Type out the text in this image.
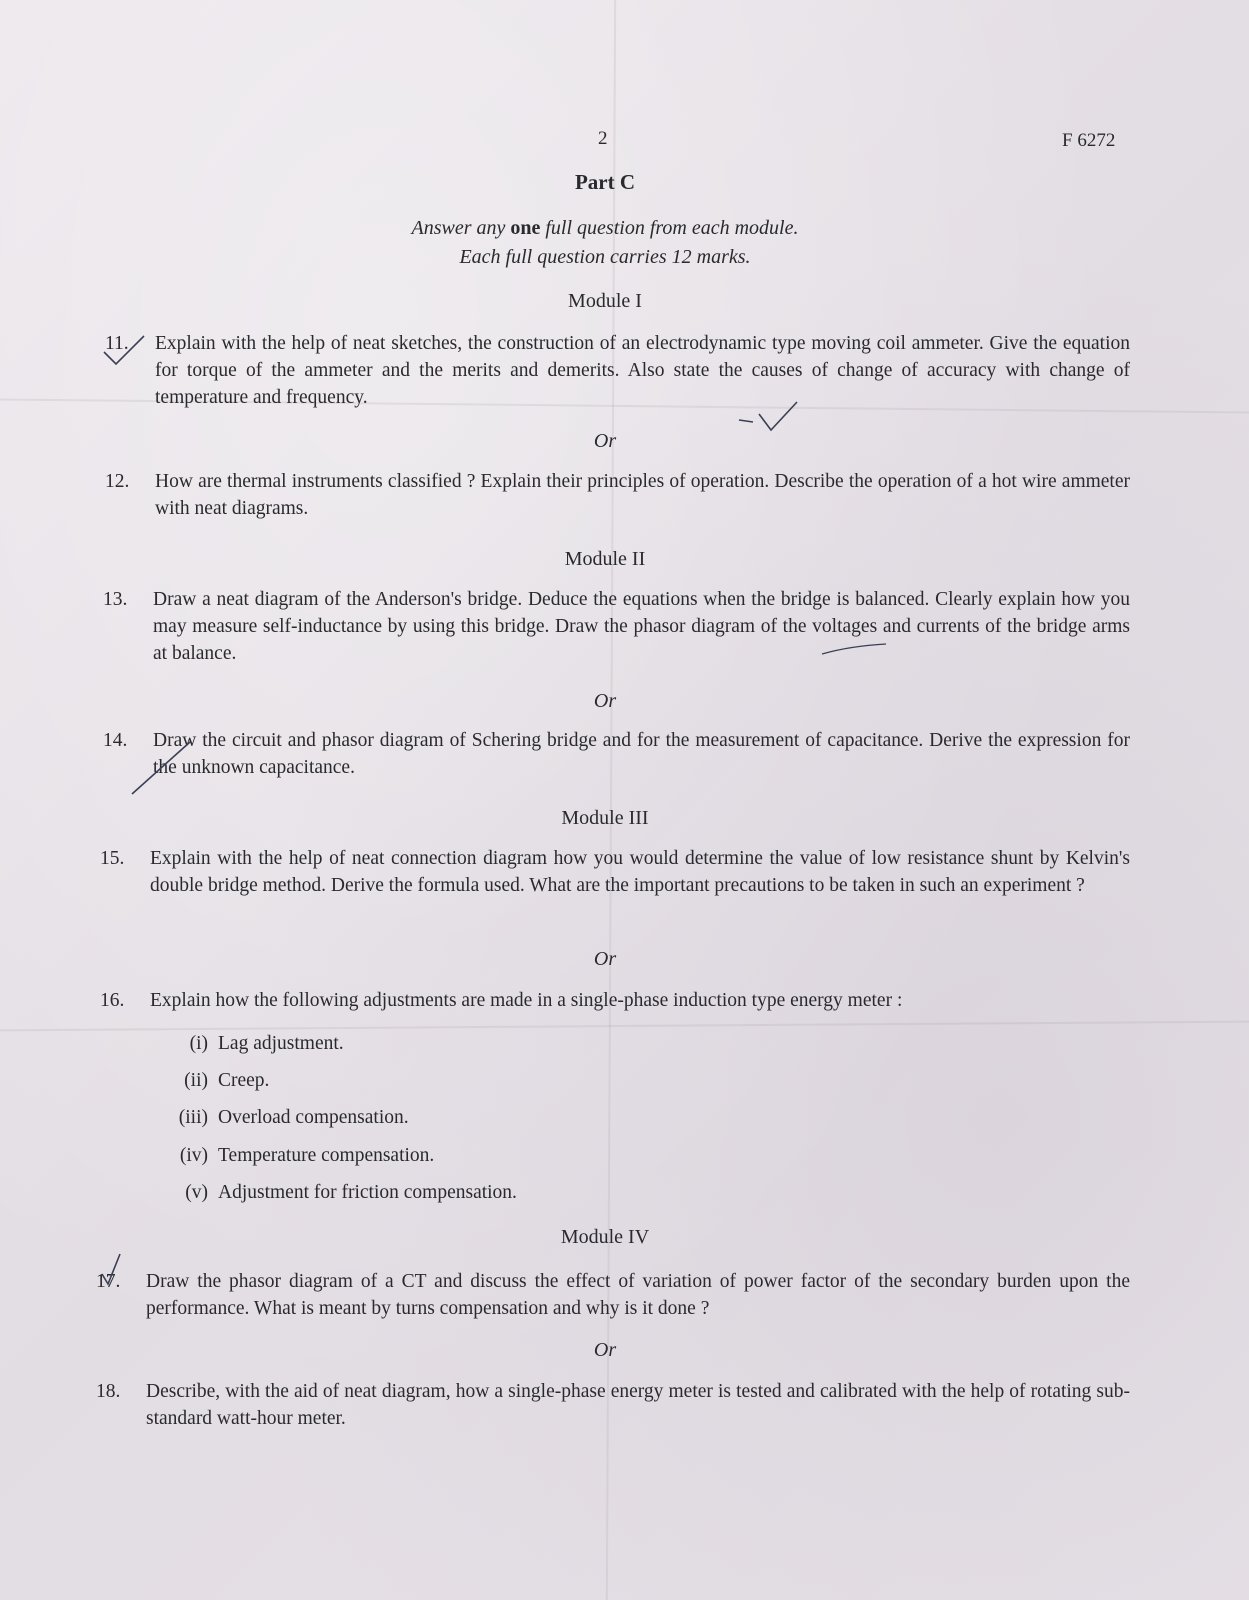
2	F 6272
Part C
Answer any one full question from each module.
Each full question carries 12 marks.
Module I
11.	Explain with the help of neat sketches, the construction of an electrodynamic type moving coil ammeter. Give the equation for torque of the ammeter and the merits and demerits. Also state the causes of change of accuracy with change of temperature and frequency.
Or
12.	How are thermal instruments classified ? Explain their principles of operation. Describe the operation of a hot wire ammeter with neat diagrams.
Module II
13.	Draw a neat diagram of the Anderson's bridge. Deduce the equations when the bridge is balanced. Clearly explain how you may measure self-inductance by using this bridge. Draw the phasor diagram of the voltages and currents of the bridge arms at balance.
Or
14.	Draw the circuit and phasor diagram of Schering bridge and for the measurement of capacitance. Derive the expression for the unknown capacitance.
Module III
15.	Explain with the help of neat connection diagram how you would determine the value of low resistance shunt by Kelvin's double bridge method. Derive the formula used. What are the important precautions to be taken in such an experiment ?
Or
16.	Explain how the following adjustments are made in a single-phase induction type energy meter :
(i) Lag adjustment.
(ii) Creep.
(iii) Overload compensation.
(iv) Temperature compensation.
(v) Adjustment for friction compensation.
Module IV
17.	Draw the phasor diagram of a CT and discuss the effect of variation of power factor of the secondary burden upon the performance. What is meant by turns compensation and why is it done ?
Or
18.	Describe, with the aid of neat diagram, how a single-phase energy meter is tested and calibrated with the help of rotating sub-standard watt-hour meter.
